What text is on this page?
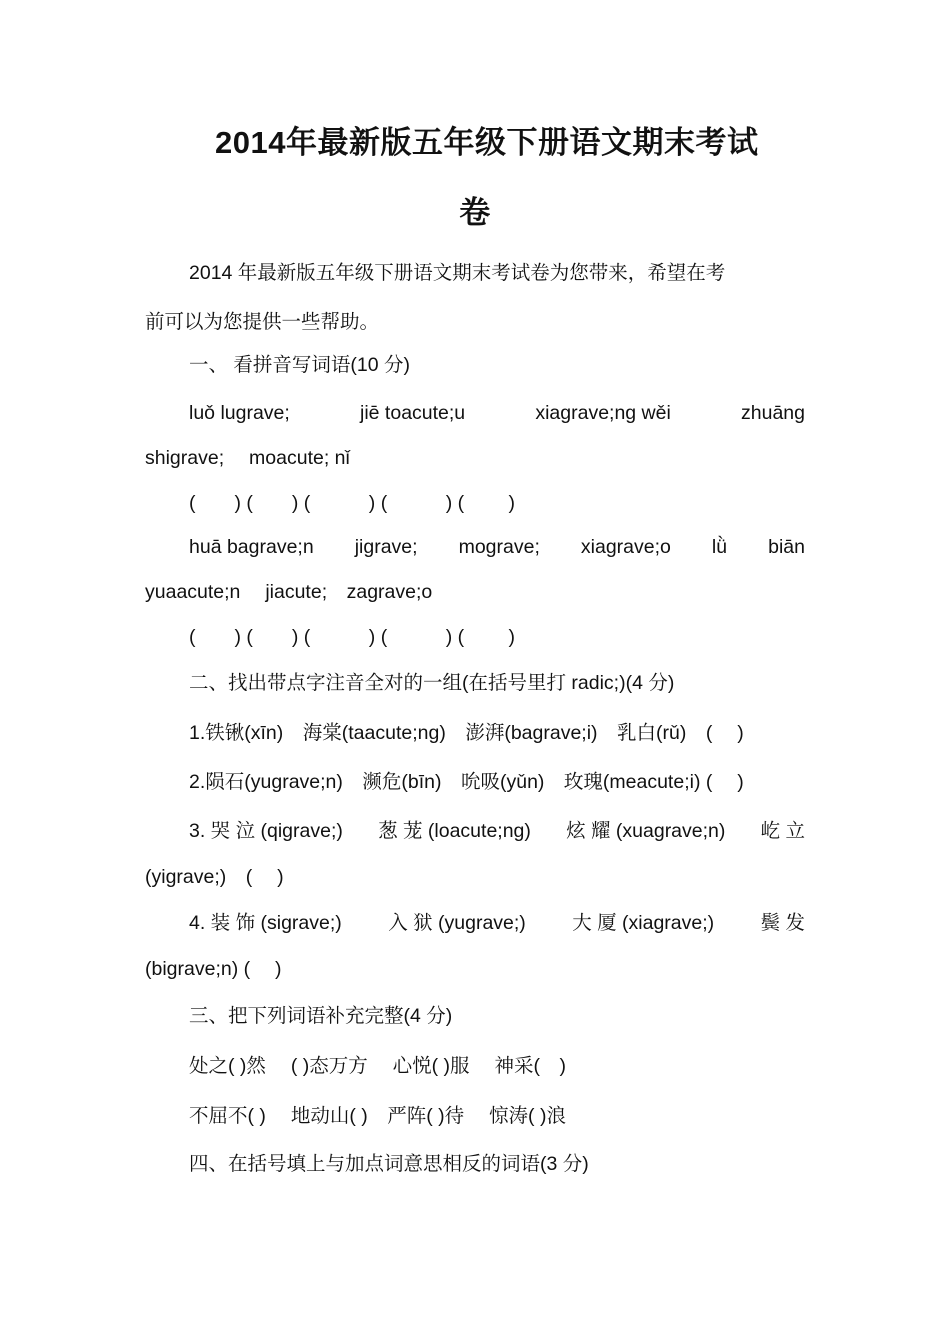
2014年最新版五年级下册语文期末考试
卷
2014 年最新版五年级下册语文期末考试卷为您带来，希望在考
前可以为您提供一些帮助。
一、 看拼音写词语(10 分)
luǒ lugrave;	jiē toacute;u	xiagrave;ng wěi	zhuāng
shigrave;　 moacute; nǐ
(　　) (　　) (　　　) (　　　) (　　 )
huā bagrave;n jigrave; mograve; xiagrave;o lǜ biān
yuaacute;n　 jiacute;　zagrave;o
(　　) (　　) (　　　) (　　　) (　　 )
二、找出带点字注音全对的一组(在括号里打 radic;)(4 分)
1.铁锹(xīn)　海棠(taacute;ng)　澎湃(bagrave;i)　乳白(rǔ)　(　 )
2.陨石(yugrave;n)　濒危(bīn)　吮吸(yǔn)　玫瑰(meacute;i) (　 )
3. 哭 泣 (qigrave;) 葱 茏 (loacute;ng) 炫 耀 (xuagrave;n) 屹 立
(yigrave;)　(　 )
4. 装 饰 (sigrave;) 入 狱 (yugrave;) 大 厦 (xiagrave;) 鬓 发
(bigrave;n) (　 )
三、把下列词语补充完整(4 分)
处之( )然　 ( )态万方　 心悦( )服　 神采(　)
不屈不( )　 地动山( )　严阵( )待　 惊涛( )浪
四、在括号填上与加点词意思相反的词语(3 分)
